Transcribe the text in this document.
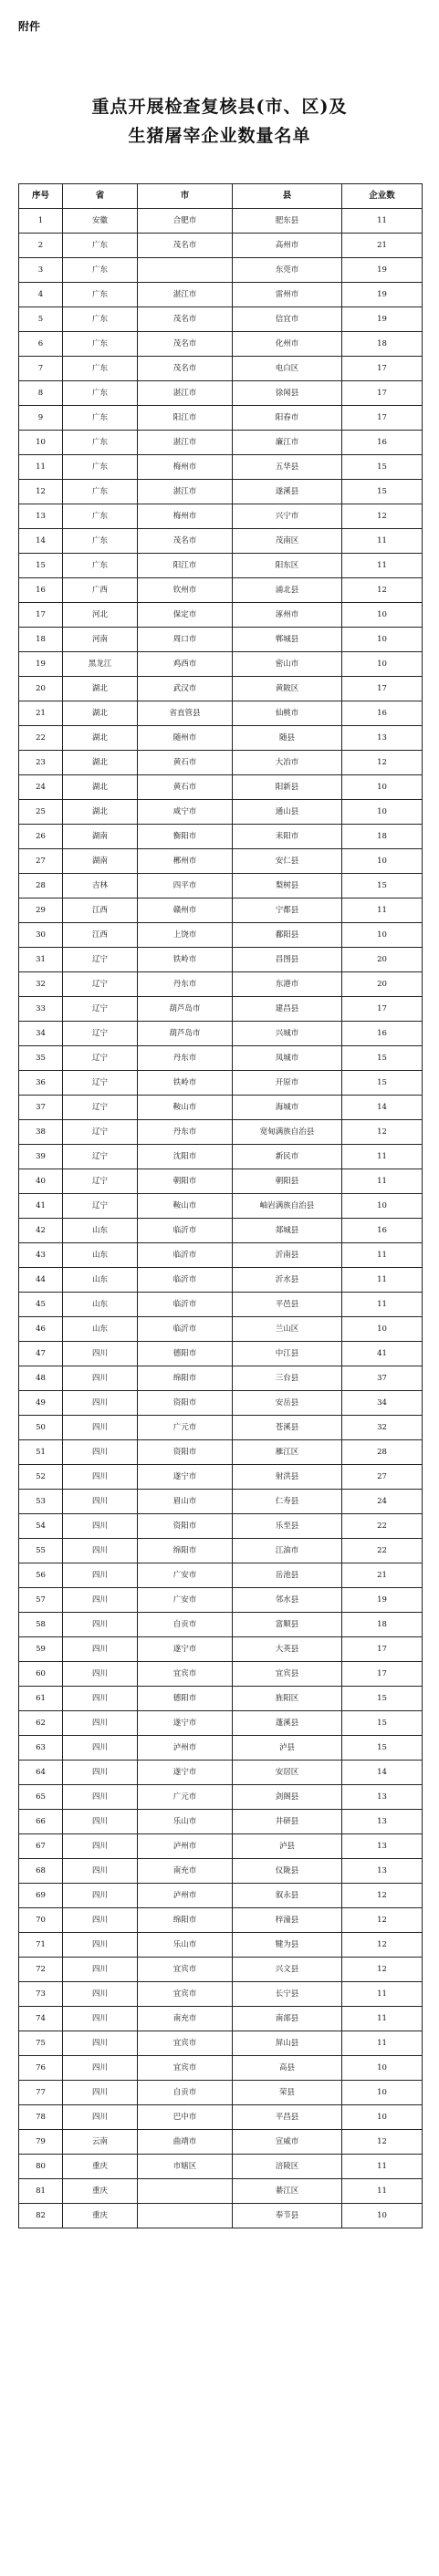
附件
重点开展检查复核县(市、区)及
生猪屠宰企业数量名单
序号	省	市	县	企业数
1	安徽	合肥市	肥东县	11
2	广东	茂名市	高州市	21
3	广东		东莞市	19
4	广东	湛江市	雷州市	19
5	广东	茂名市	信宜市	19
6	广东	茂名市	化州市	18
7	广东	茂名市	电白区	17
8	广东	湛江市	徐闻县	17
9	广东	阳江市	阳春市	17
10	广东	湛江市	廉江市	16
11	广东	梅州市	五华县	15
12	广东	湛江市	遂溪县	15
13	广东	梅州市	兴宁市	12
14	广东	茂名市	茂南区	11
15	广东	阳江市	阳东区	11
16	广西	钦州市	浦北县	12
17	河北	保定市	涿州市	10
18	河南	周口市	郸城县	10
19	黑龙江	鸡西市	密山市	10
20	湖北	武汉市	黄陂区	17
21	湖北	省直管县	仙桃市	16
22	湖北	随州市	随县	13
23	湖北	黄石市	大冶市	12
24	湖北	黄石市	阳新县	10
25	湖北	咸宁市	通山县	10
26	湖南	衡阳市	耒阳市	18
27	湖南	郴州市	安仁县	10
28	吉林	四平市	梨树县	15
29	江西	赣州市	宁都县	11
30	江西	上饶市	鄱阳县	10
31	辽宁	铁岭市	昌图县	20
32	辽宁	丹东市	东港市	20
33	辽宁	葫芦岛市	建昌县	17
34	辽宁	葫芦岛市	兴城市	16
35	辽宁	丹东市	凤城市	15
36	辽宁	铁岭市	开原市	15
37	辽宁	鞍山市	海城市	14
38	辽宁	丹东市	宽甸满族自治县	12
39	辽宁	沈阳市	新民市	11
40	辽宁	朝阳市	朝阳县	11
41	辽宁	鞍山市	岫岩满族自治县	10
42	山东	临沂市	郯城县	16
43	山东	临沂市	沂南县	11
44	山东	临沂市	沂水县	11
45	山东	临沂市	平邑县	11
46	山东	临沂市	兰山区	10
47	四川	德阳市	中江县	41
48	四川	绵阳市	三台县	37
49	四川	资阳市	安岳县	34
50	四川	广元市	苍溪县	32
51	四川	资阳市	雁江区	28
52	四川	遂宁市	射洪县	27
53	四川	眉山市	仁寿县	24
54	四川	资阳市	乐至县	22
55	四川	绵阳市	江油市	22
56	四川	广安市	岳池县	21
57	四川	广安市	邻水县	19
58	四川	自贡市	富顺县	18
59	四川	遂宁市	大英县	17
60	四川	宜宾市	宜宾县	17
61	四川	德阳市	旌阳区	15
62	四川	遂宁市	蓬溪县	15
63	四川	泸州市	泸县	15
64	四川	遂宁市	安居区	14
65	四川	广元市	剑阁县	13
66	四川	乐山市	井研县	13
67	四川	泸州市	泸县	13
68	四川	南充市	仪陇县	13
69	四川	泸州市	叙永县	12
70	四川	绵阳市	梓潼县	12
71	四川	乐山市	犍为县	12
72	四川	宜宾市	兴文县	12
73	四川	宜宾市	长宁县	11
74	四川	南充市	南部县	11
75	四川	宜宾市	屏山县	11
76	四川	宜宾市	高县	10
77	四川	自贡市	荣县	10
78	四川	巴中市	平昌县	10
79	云南	曲靖市	宣威市	12
80	重庆	市辖区	涪陵区	11
81	重庆		綦江区	11
82	重庆		奉节县	10
